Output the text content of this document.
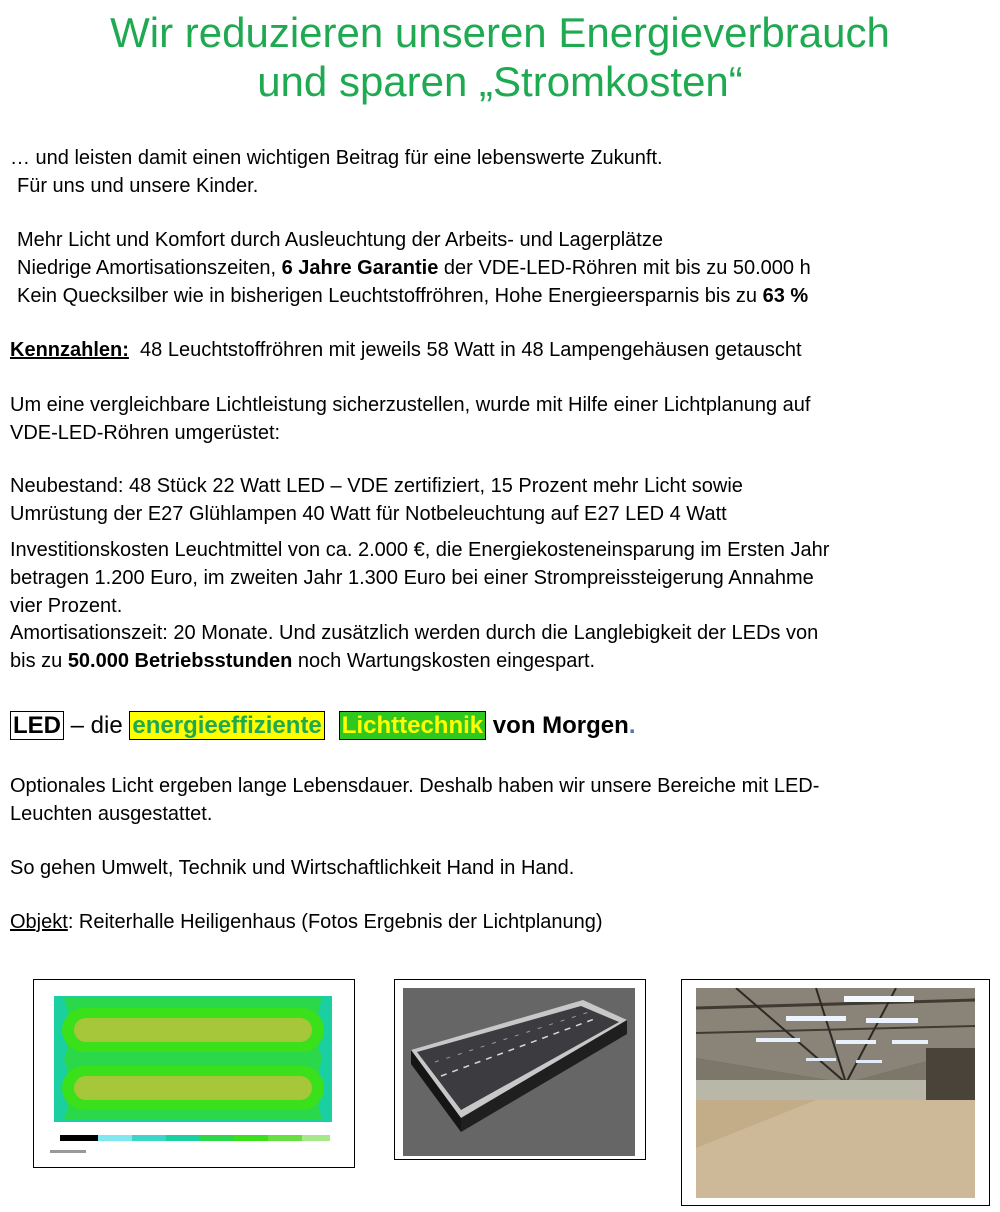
Wir reduzieren unseren Energieverbrauch
und sparen „Stromkosten“
… und leisten damit einen wichtigen Beitrag für eine lebenswerte Zukunft.
Für uns und unsere Kinder.
Mehr Licht und Komfort durch Ausleuchtung der Arbeits- und Lagerplätze
Niedrige Amortisationszeiten, 6 Jahre Garantie der VDE-LED-Röhren mit bis zu 50.000 h
Kein Quecksilber wie in bisherigen Leuchtstoffröhren, Hohe Energieersparnis bis zu 63 %
Kennzahlen: 48 Leuchtstoffröhren mit jeweils 58 Watt in 48 Lampengehäusen getauscht
Um eine vergleichbare Lichtleistung sicherzustellen, wurde mit Hilfe einer Lichtplanung auf
VDE-LED-Röhren umgerüstet:
Neubestand: 48 Stück 22 Watt LED – VDE zertifiziert, 15 Prozent mehr Licht sowie
Umrüstung der E27 Glühlampen 40 Watt für Notbeleuchtung auf E27 LED 4 Watt
Investitionskosten Leuchtmittel von ca. 2.000 €, die Energiekosteneinsparung im Ersten Jahr
betragen 1.200 Euro, im zweiten Jahr 1.300 Euro bei einer Strompreissteigerung Annahme
vier Prozent.
Amortisationszeit: 20 Monate. Und zusätzlich werden durch die Langlebigkeit der LEDs von
bis zu 50.000 Betriebsstunden noch Wartungskosten eingespart.
LED – die energieeffiziente Lichttechnik von Morgen.
Optionales Licht ergeben lange Lebensdauer. Deshalb haben wir unsere Bereiche mit LED-
Leuchten ausgestattet.
So gehen Umwelt, Technik und Wirtschaftlichkeit Hand in Hand.
Objekt: Reiterhalle Heiligenhaus (Fotos Ergebnis der Lichtplanung)
